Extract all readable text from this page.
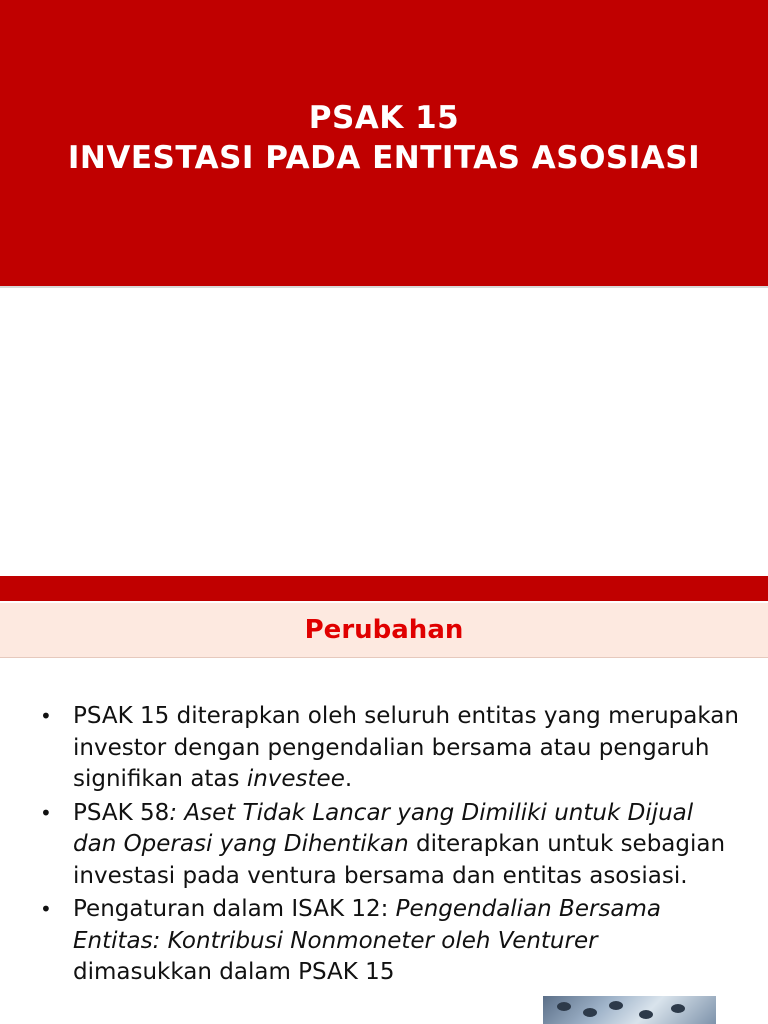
PSAK 15
INVESTASI PADA ENTITAS ASOSIASI
Perubahan
• PSAK 15 diterapkan oleh seluruh entitas yang merupakan investor dengan pengendalian bersama atau pengaruh signifikan atas investee.
• PSAK 58: Aset Tidak Lancar yang Dimiliki untuk Dijual dan Operasi yang Dihentikan diterapkan untuk sebagian investasi pada ventura bersama dan entitas asosiasi.
• Pengaturan dalam ISAK 12: Pengendalian Bersama Entitas: Kontribusi Nonmoneter oleh Venturer dimasukkan dalam PSAK 15
